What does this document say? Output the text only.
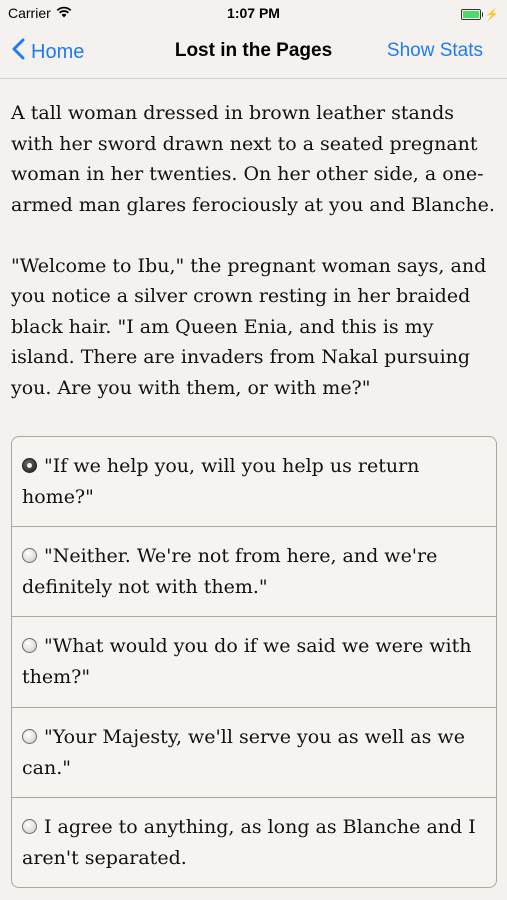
Carrier	1:07 PM	⚡
Home	Lost in the Pages	Show Stats

A tall woman dressed in brown leather stands with her sword drawn next to a seated pregnant woman in her twenties. On her other side, a one-armed man glares ferociously at you and Blanche.

"Welcome to Ibu," the pregnant woman says, and you notice a silver crown resting in her braided black hair. "I am Queen Enia, and this is my island. There are invaders from Nakal pursuing you. Are you with them, or with me?"

"If we help you, will you help us return home?"
"Neither. We're not from here, and we're definitely not with them."
"What would you do if we said we were with them?"
"Your Majesty, we'll serve you as well as we can."
I agree to anything, as long as Blanche and I aren't separated.
